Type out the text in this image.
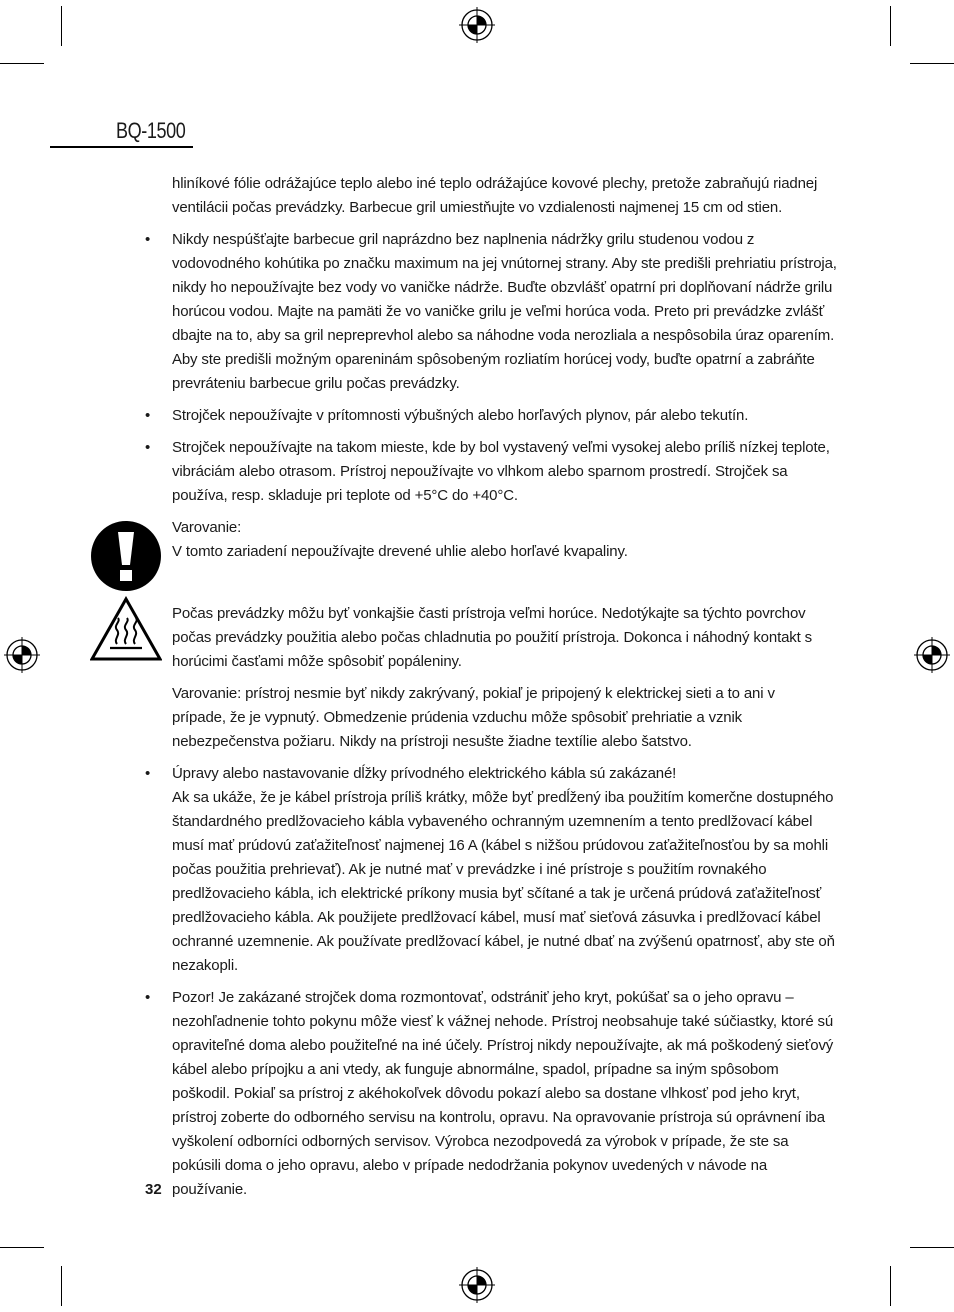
BQ-1500

hliníkové fólie odrážajúce teplo alebo iné teplo odrážajúce kovové plechy, pretože zabraňujú riadnej ventilácii počas prevádzky. Barbecue gril umiestňujte vo vzdialenosti najmenej 15 cm od stien.

• Nikdy nespúšťajte barbecue gril naprázdno bez naplnenia nádržky grilu studenou vodou z vodovodného kohútika po značku maximum na jej vnútornej strany. Aby ste predišli prehriatiu prístroja, nikdy ho nepoužívajte bez vody vo vaničke nádrže. Buďte obzvlášť opatrní pri doplňovaní nádrže grilu horúcou vodou. Majte na pamäti že vo vaničke grilu je veľmi horúca voda. Preto pri prevádzke zvlášť dbajte na to, aby sa gril nepreprevhol alebo sa náhodne voda nerozliala a nespôsobila úraz oparením. Aby ste predišli možným opareninám spôsobeným rozliatím horúcej vody, buďte opatrní a zabráňte prevráteniu barbecue grilu počas prevádzky.

• Strojček nepoužívajte v prítomnosti výbušných alebo horľavých plynov, pár alebo tekutín.

• Strojček nepoužívajte na takom mieste, kde by bol vystavený veľmi vysokej alebo príliš nízkej teplote, vibráciám alebo otrasom. Prístroj nepoužívajte vo vlhkom alebo sparnom prostredí. Strojček sa používa, resp. skladuje pri teplote od +5°C do +40°C.

Varovanie:

V tomto zariadení nepoužívajte drevené uhlie alebo horľavé kvapaliny.

Počas prevádzky môžu byť vonkajšie časti prístroja veľmi horúce. Nedotýkajte sa týchto povrchov počas prevádzky použitia alebo počas chladnutia po použití prístroja. Dokonca i náhodný kontakt s horúcimi časťami môže spôsobiť popáleniny.

Varovanie: prístroj nesmie byť nikdy zakrývaný, pokiaľ je pripojený k elektrickej sieti a to ani v prípade, že je vypnutý. Obmedzenie prúdenia vzduchu môže spôsobiť prehriatie a vznik nebezpečenstva požiaru. Nikdy na prístroji nesušte žiadne textílie alebo šatstvo.

• Úpravy alebo nastavovanie dĺžky prívodného elektrického kábla sú zakázané!

Ak sa ukáže, že je kábel prístroja príliš krátky, môže byť predĺžený iba použitím komerčne dostupného štandardného predlžovacieho kábla vybaveného ochranným uzemnením a tento predlžovací kábel musí mať prúdovú zaťažiteľnosť najmenej 16 A (kábel s nižšou prúdovou zaťažiteľnosťou by sa mohli počas použitia prehrievať). Ak je nutné mať v prevádzke i iné prístroje s použitím rovnakého predlžovacieho kábla, ich elektrické príkony musia byť sčítané a tak je určená prúdová zaťažiteľnosť predlžovacieho kábla. Ak použijete predlžovací kábel, musí mať sieťová zásuvka i predlžovací kábel ochranné uzemnenie. Ak používate predlžovací kábel, je nutné dbať na zvýšenú opatrnosť, aby ste oň nezakopli.

• Pozor! Je zakázané strojček doma rozmontovať, odstrániť jeho kryt, pokúšať sa o jeho opravu – nezohľadnenie tohto pokynu môže viesť k vážnej nehode. Prístroj neobsahuje také súčiastky, ktoré sú opraviteľné doma alebo použiteľné na iné účely. Prístroj nikdy nepoužívajte, ak má poškodený sieťový kábel alebo prípojku a ani vtedy, ak funguje abnormálne, spadol, prípadne sa iným spôsobom poškodil. Pokiaľ sa prístroj z akéhokoľvek dôvodu pokazí alebo sa dostane vlhkosť pod jeho kryt, prístroj zoberte do odborného servisu na kontrolu, opravu. Na opravovanie prístroja sú oprávnení iba vyškolení odborníci odborných servisov. Výrobca nezodpovedá za výrobok v prípade, že ste sa pokúsili doma o jeho opravu, alebo v prípade nedodržania pokynov uvedených v návode na používanie.

32
